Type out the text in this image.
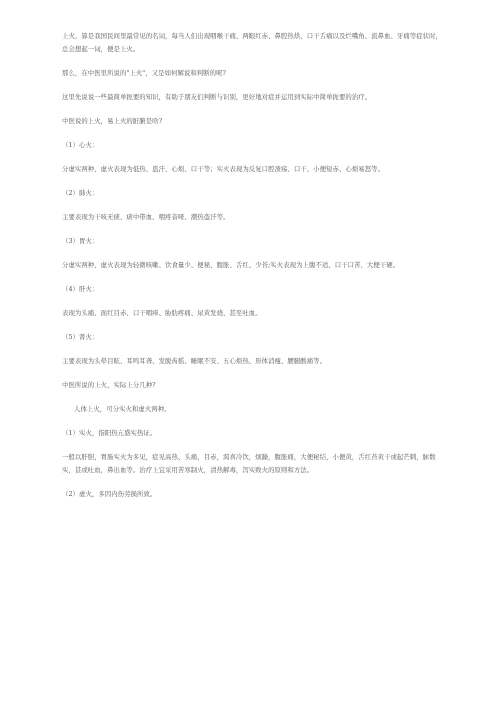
上火，算是我国民间里最常见的名词，每当人们出现咽喉干痛、两眼红赤、鼻腔热烘、口干舌痛以及烂嘴角、流鼻血、牙痛等症状时，总会想起一词，便是上火。

那么，在中医里所说的"上火"，又是如何解说和判断的呢?

这里先说说一些最简单扼要的知识，有助于朋友们判断与识别，更好地对症并运用到实际中简单扼要的治疗。

中医说的上火，易上火的脏腑是啥?

（1）心火：

分虚实两种，虚火表现为低热、盗汗、心烦、口干等；实火表现为反复口腔溃疡、口干、小便短赤、心烦易怒等。

（2）肺火：

主要表现为干咳无痰、痰中带血、咽疼音哑、潮热盗汗等。

（3）胃火：

分虚实两种，虚火表现为轻微咳嗽、饮食量少、便秘、腹胀、舌红、少苔;实火表现为上腹不适、口干口苦、大便干硬。

（4）肝火：

表现为头痛、面红目赤、口干咽痒、胁肋疼痛、尿黄发烧、甚至吐血。

（5）肾火：

主要表现为头晕目眩、耳鸣耳聋、发脱齿摇、睡眠不安、五心烦热、形体消瘦、腰腿酸痛等。

中医所说的上火，实际上分几种?

人体上火，可分实火和虚火两种。

（1）实火，指阳热亢盛实热证。

一般以肝胆，胃肠实火为多见，症见高热、头痛，目赤，渴喜冷饮，烦躁，腹胀痛，大便秘结，小便黄，舌红苔黄干或起芒刺，脉数实，甚或吐血，鼻出血等。治疗上宜采用苦寒制火，清热解毒，泻实败火的原则和方法。

（2）虚火，多因内伤劳损所致。
